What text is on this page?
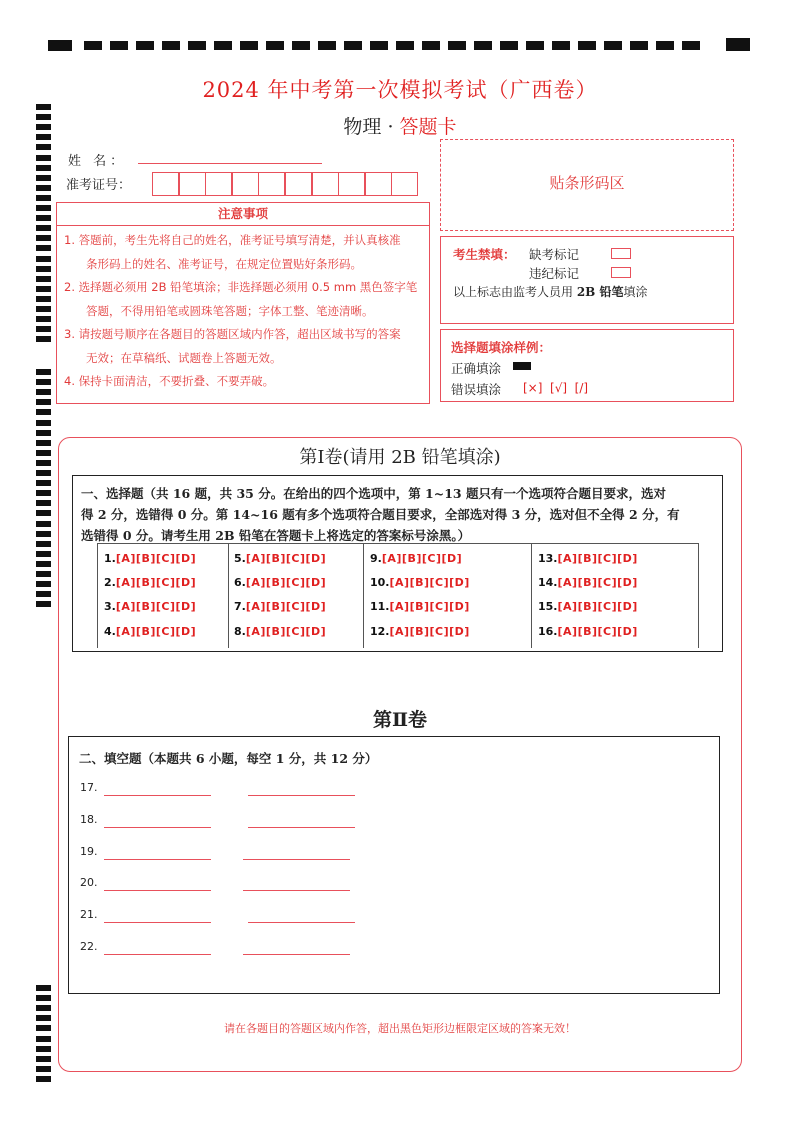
2024 年中考第一次模拟考试（广西卷）
物理 · 答题卡
姓 名：
准考证号：	贴条形码区
注意事项

1. 答题前，考生先将自己的姓名，准考证号填写清楚，并认真核准

条形码上的姓名、准考证号，在规定位置贴好条形码。

2. 选择题必须用 2B 铅笔填涂；非选择题必须用 0.5 mm 黑色签字笔

答题，不得用铅笔或圆珠笔答题；字体工整、笔迹清晰。

3. 请按题号顺序在各题目的答题区域内作答，超出区域书写的答案

无效；在草稿纸、试题卷上答题无效。

4. 保持卡面清洁，不要折叠、不要弄破。

考生禁填： 缺考标记
违纪标记
以上标志由监考人员用 2B 铅笔填涂
选择题填涂样例：
正确填涂
错误填涂 [×]  [√]  [/]
第Ⅰ卷(请用 2B 铅笔填涂)
一、选择题（共 16 题，共 35 分。在给出的四个选项中，第 1~13 题只有一个选项符合题目要求，选对
得 2 分，选错得 0 分。第 14~16 题有多个选项符合题目要求，全部选对得 3 分，选对但不全得 2 分，有
选错得 0 分。请考生用 2B 铅笔在答题卡上将选定的答案标号涂黑。）
1.[A][B][C][D]
2.[A][B][C][D]
3.[A][B][C][D]
4.[A][B][C][D]
5.[A][B][C][D]
6.[A][B][C][D]
7.[A][B][C][D]
8.[A][B][C][D]
9.[A][B][C][D]
10.[A][B][C][D]
11.[A][B][C][D]
12.[A][B][C][D]
13.[A][B][C][D]
14.[A][B][C][D]
15.[A][B][C][D]
16.[A][B][C][D]
第Ⅱ卷
二、填空题（本题共 6 小题，每空 1 分，共 12 分）
17.
18.
19.
20.
21.
22.
请在各题目的答题区域内作答，超出黑色矩形边框限定区域的答案无效！
